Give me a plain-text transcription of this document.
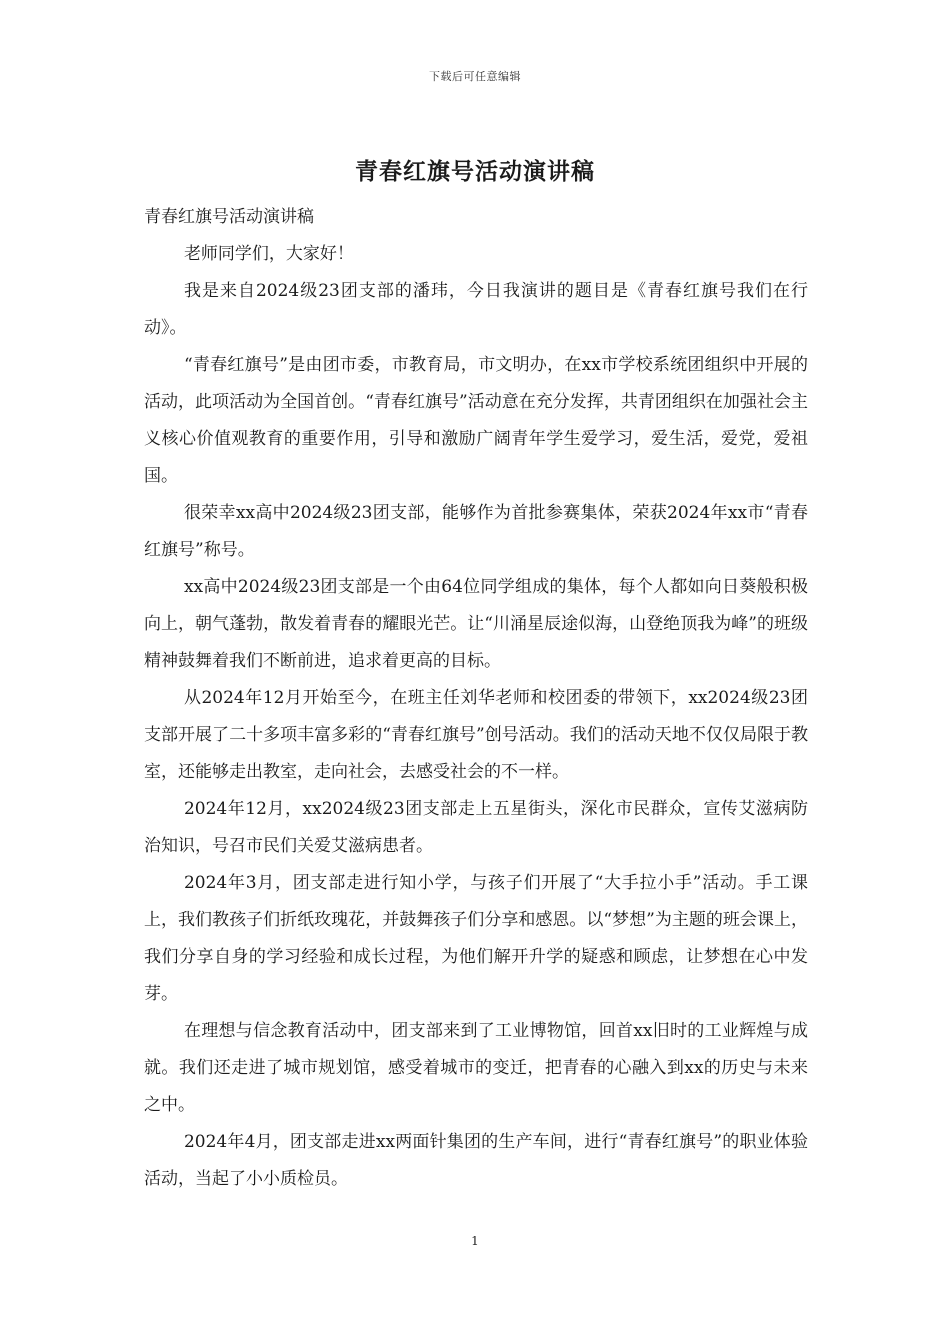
下载后可任意编辑
青春红旗号活动演讲稿

青春红旗号活动演讲稿

老师同学们，大家好！

我是来自2024级23团支部的潘玮，今日我演讲的题目是《青春红旗号我们在行动》。

“青春红旗号”是由团市委，市教育局，市文明办，在xx市学校系统团组织中开展的活动，此项活动为全国首创。“青春红旗号”活动意在充分发挥，共青团组织在加强社会主义核心价值观教育的重要作用，引导和激励广阔青年学生爱学习，爱生活，爱党，爱祖国。

很荣幸xx高中2024级23团支部，能够作为首批参赛集体，荣获2024年xx市“青春红旗号”称号。

xx高中2024级23团支部是一个由64位同学组成的集体，每个人都如向日葵般积极向上，朝气蓬勃，散发着青春的耀眼光芒。让“川涌星辰途似海，山登绝顶我为峰”的班级精神鼓舞着我们不断前进，追求着更高的目标。

从2024年12月开始至今，在班主任刘华老师和校团委的带领下，xx2024级23团支部开展了二十多项丰富多彩的“青春红旗号”创号活动。我们的活动天地不仅仅局限于教室，还能够走出教室，走向社会，去感受社会的不一样。

2024年12月，xx2024级23团支部走上五星街头，深化市民群众，宣传艾滋病防治知识，号召市民们关爱艾滋病患者。

2024年3月，团支部走进行知小学，与孩子们开展了“大手拉小手”活动。手工课上，我们教孩子们折纸玫瑰花，并鼓舞孩子们分享和感恩。以“梦想”为主题的班会课上，我们分享自身的学习经验和成长过程，为他们解开升学的疑惑和顾虑，让梦想在心中发芽。

在理想与信念教育活动中，团支部来到了工业博物馆，回首xx旧时的工业辉煌与成就。我们还走进了城市规划馆，感受着城市的变迁，把青春的心融入到xx的历史与未来之中。

2024年4月，团支部走进xx两面针集团的生产车间，进行“青春红旗号”的职业体验活动，当起了小小质检员。

1
